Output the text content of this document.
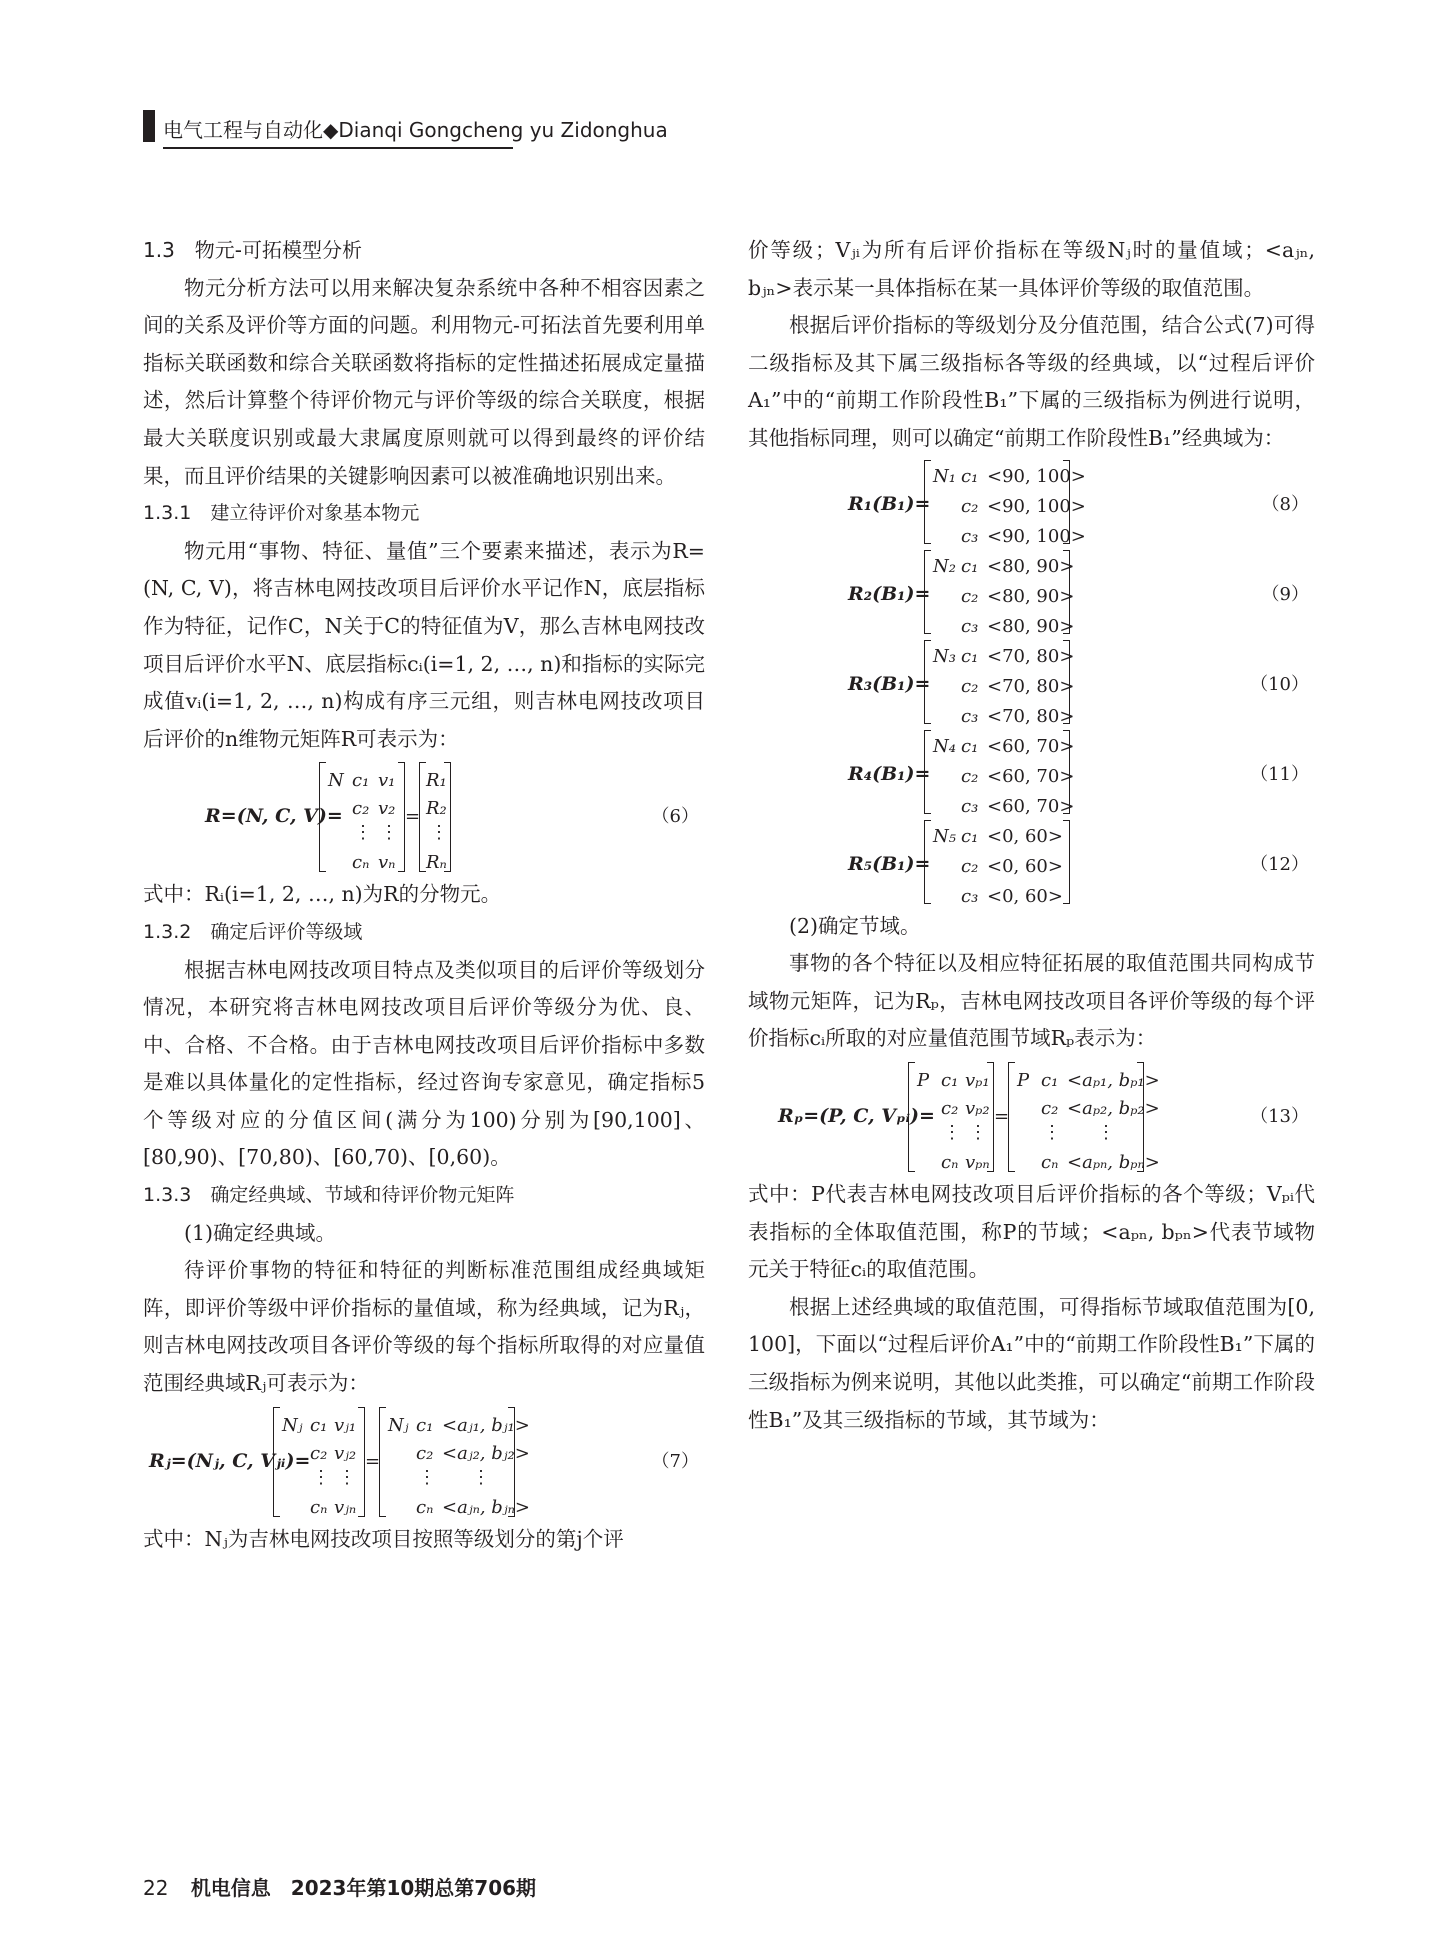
电气工程与自动化◆Dianqi Gongcheng yu Zidonghua

1.3　物元-可拓模型分析

物元分析方法可以用来解决复杂系统中各种不相容因素之间的关系及评价等方面的问题。利用物元-可拓法首先要利用单指标关联函数和综合关联函数将指标的定性描述拓展成定量描述，然后计算整个待评价物元与评价等级的综合关联度，根据最大关联度识别或最大隶属度原则就可以得到最终的评价结果，而且评价结果的关键影响因素可以被准确地识别出来。

1.3.1　建立待评价对象基本物元

物元用“事物、特征、量值”三个要素来描述，表示为R=(N, C, V)，将吉林电网技改项目后评价水平记作N，底层指标作为特征，记作C，N关于C的特征值为V，那么吉林电网技改项目后评价水平N、底层指标cᵢ(i=1, 2, …, n)和指标的实际完成值vᵢ(i=1, 2, …, n)构成有序三元组，则吉林电网技改项目后评价的n维物元矩阵R可表示为：

R=(N, C, V)=
N c₁ v₁
c₂ v₂
⋮ ⋮
cₙ vₙ
=
R₁
R₂
⋮
Rₙ
（6）

式中：Rᵢ(i=1, 2, …, n)为R的分物元。

1.3.2　确定后评价等级域

根据吉林电网技改项目特点及类似项目的后评价等级划分情况，本研究将吉林电网技改项目后评价等级分为优、良、中、合格、不合格。由于吉林电网技改项目后评价指标中多数是难以具体量化的定性指标，经过咨询专家意见，确定指标5个等级对应的分值区间(满分为100)分别为[90,100]、[80,90)、[70,80)、[60,70)、[0,60)。

1.3.3　确定经典域、节域和待评价物元矩阵

(1)确定经典域。

待评价事物的特征和特征的判断标准范围组成经典域矩阵，即评价等级中评价指标的量值域，称为经典域，记为Rⱼ，则吉林电网技改项目各评价等级的每个指标所取得的对应量值范围经典域Rⱼ可表示为：

Rⱼ=(Nⱼ, C, Vⱼᵢ)=
Nⱼ c₁ vⱼ₁
c₂ vⱼ₂
⋮ ⋮
cₙ vⱼₙ
=
Nⱼ c₁ <aⱼ₁, bⱼ₁>
c₂ <aⱼ₂, bⱼ₂>
⋮ ⋮
cₙ <aⱼₙ, bⱼₙ>
（7）

式中：Nⱼ为吉林电网技改项目按照等级划分的第j个评

价等级；Vⱼᵢ为所有后评价指标在等级Nⱼ时的量值域；<aⱼₙ, bⱼₙ>表示某一具体指标在某一具体评价等级的取值范围。

根据后评价指标的等级划分及分值范围，结合公式(7)可得二级指标及其下属三级指标各等级的经典域，以“过程后评价A₁”中的“前期工作阶段性B₁”下属的三级指标为例进行说明，其他指标同理，则可以确定“前期工作阶段性B₁”经典域为：

R₁(B₁)=
N₁ c₁ <90, 100>
c₂ <90, 100>
c₃ <90, 100>
（8）
R₂(B₁)=
N₂ c₁ <80, 90>
c₂ <80, 90>
c₃ <80, 90>
（9）
R₃(B₁)=
N₃ c₁ <70, 80>
c₂ <70, 80>
c₃ <70, 80>
（10）
R₄(B₁)=
N₄ c₁ <60, 70>
c₂ <60, 70>
c₃ <60, 70>
（11）
R₅(B₁)=
N₅ c₁ <0, 60>
c₂ <0, 60>
c₃ <0, 60>
（12）

(2)确定节域。

事物的各个特征以及相应特征拓展的取值范围共同构成节域物元矩阵，记为Rₚ，吉林电网技改项目各评价等级的每个评价指标cᵢ所取的对应量值范围节域Rₚ表示为：

Rₚ=(P, C, Vₚᵢ)=
P c₁ vₚ₁
c₂ vₚ₂
⋮ ⋮
cₙ vₚₙ
=
P c₁ <aₚ₁, bₚ₁>
c₂ <aₚ₂, bₚ₂>
⋮ ⋮
cₙ <aₚₙ, bₚₙ>
（13）

式中：P代表吉林电网技改项目后评价指标的各个等级；Vₚᵢ代表指标的全体取值范围，称P的节域；<aₚₙ, bₚₙ>代表节域物元关于特征cᵢ的取值范围。

根据上述经典域的取值范围，可得指标节域取值范围为[0, 100]，下面以“过程后评价A₁”中的“前期工作阶段性B₁”下属的三级指标为例来说明，其他以此类推，可以确定“前期工作阶段性B₁”及其三级指标的节域，其节域为：

22 机电信息　2023年第10期总第706期
